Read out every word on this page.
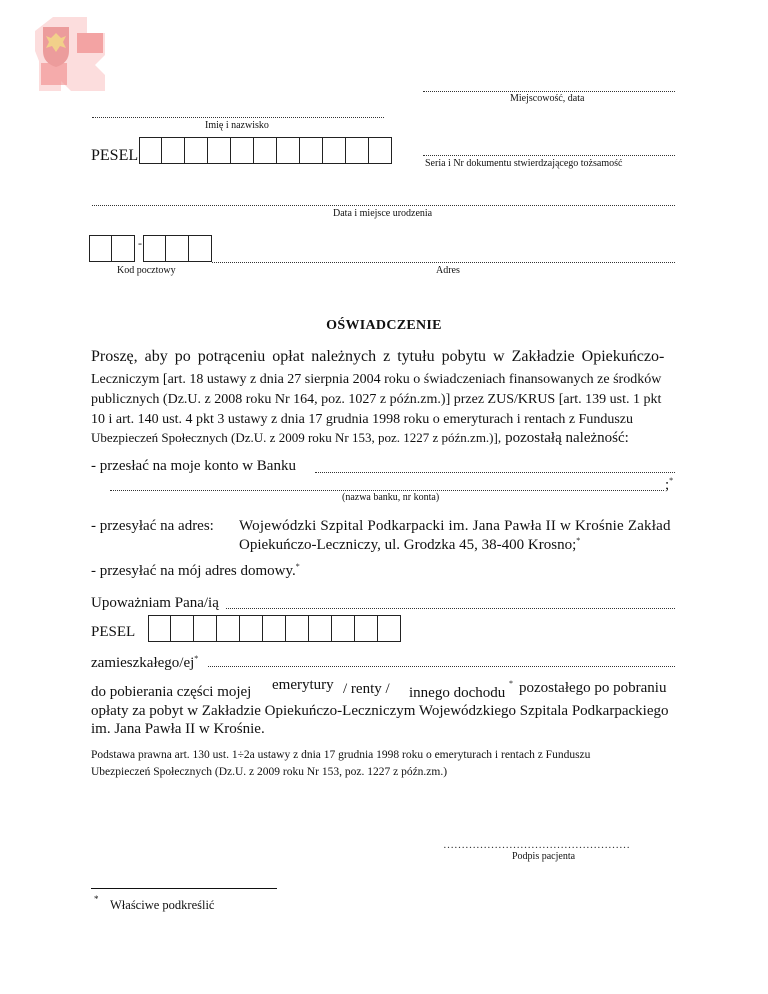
Miejscowość, data
Imię i nazwisko
PESEL	Seria i Nr dokumentu stwierdzającego tożsamość
Data i miejsce urodzenia
-
Kod pocztowy	Adres
OŚWIADCZENIE
Proszę, aby po potrąceniu opłat należnych z tytułu pobytu w Zakładzie Opiekuńczo-
Leczniczym [art. 18 ustawy z dnia 27 sierpnia 2004 roku o świadczeniach finansowanych ze środków
publicznych (Dz.U. z 2008 roku Nr 164, poz. 1027 z późn.zm.)] przez ZUS/KRUS [art. 139 ust. 1 pkt
10 i art. 140 ust. 4 pkt 3 ustawy z dnia 17 grudnia 1998 roku o emeryturach i rentach z Funduszu
Ubezpieczeń Społecznych (Dz.U. z 2009 roku Nr 153, poz. 1227 z późn.zm.)], pozostałą należność:
- przesłać na moje konto w Banku
;*
(nazwa banku, nr konta)
- przesyłać na adres: Wojewódzki Szpital Podkarpacki im. Jana Pawła II w Krośnie Zakład
Opiekuńczo-Leczniczy, ul. Grodzka 45, 38-400 Krosno;*
- przesyłać na mój adres domowy.*
Upoważniam Pana/ią
PESEL
zamieszkałego/ej*
do pobierania części mojej emerytury / renty / innego dochodu
* pozostałego po pobraniu
opłaty za pobyt w Zakładzie Opiekuńczo-Leczniczym Wojewódzkiego Szpitala Podkarpackiego
im. Jana Pawła II w Krośnie.
Podstawa prawna art. 130 ust. 1÷2a ustawy z dnia 17 grudnia 1998 roku o emeryturach i rentach z Funduszu
Ubezpieczeń Społecznych (Dz.U. z 2009 roku Nr 153, poz. 1227 z późn.zm.)
……………………………………………
Podpis pacjenta
* Właściwe podkreślić
